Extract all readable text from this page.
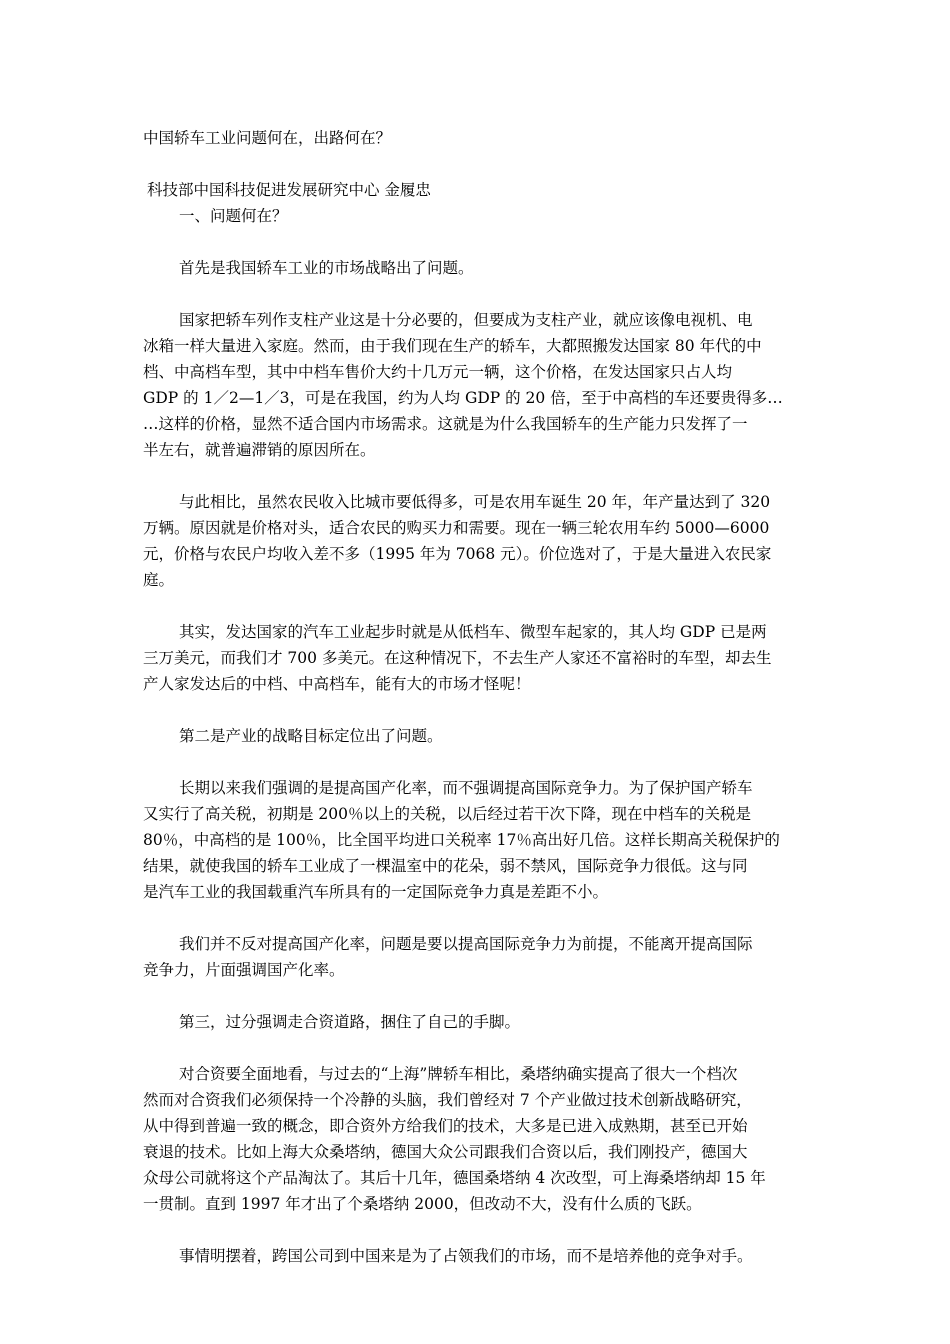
中国轿车工业问题何在，出路何在？
科技部中国科技促进发展研究中心 金履忠
一、问题何在？
首先是我国轿车工业的市场战略出了问题。
国家把轿车列作支柱产业这是十分必要的，但要成为支柱产业，就应该像电视机、电
冰箱一样大量进入家庭。然而，由于我们现在生产的轿车，大都照搬发达国家 80 年代的中
档、中高档车型，其中中档车售价大约十几万元一辆，这个价格，在发达国家只占人均
GDP 的 1／2—1／3，可是在我国，约为人均 GDP 的 20 倍，至于中高档的车还要贵得多…
…这样的价格，显然不适合国内市场需求。这就是为什么我国轿车的生产能力只发挥了一
半左右，就普遍滞销的原因所在。
与此相比，虽然农民收入比城市要低得多，可是农用车诞生 20 年，年产量达到了 320
万辆。原因就是价格对头，适合农民的购买力和需要。现在一辆三轮农用车约 5000—6000
元，价格与农民户均收入差不多（1995 年为 7068 元）。价位选对了，于是大量进入农民家
庭。
其实，发达国家的汽车工业起步时就是从低档车、微型车起家的，其人均 GDP 已是两
三万美元，而我们才 700 多美元。在这种情况下，不去生产人家还不富裕时的车型，却去生
产人家发达后的中档、中高档车，能有大的市场才怪呢！
第二是产业的战略目标定位出了问题。
长期以来我们强调的是提高国产化率，而不强调提高国际竞争力。为了保护国产轿车
又实行了高关税，初期是 200％以上的关税，以后经过若干次下降，现在中档车的关税是
80％，中高档的是 100％，比全国平均进口关税率 17％高出好几倍。这样长期高关税保护的
结果，就使我国的轿车工业成了一棵温室中的花朵，弱不禁风，国际竞争力很低。这与同
是汽车工业的我国载重汽车所具有的一定国际竞争力真是差距不小。
我们并不反对提高国产化率，问题是要以提高国际竞争力为前提，不能离开提高国际
竞争力，片面强调国产化率。
第三，过分强调走合资道路，捆住了自己的手脚。
对合资要全面地看，与过去的“上海”牌轿车相比，桑塔纳确实提高了很大一个档次
然而对合资我们必须保持一个冷静的头脑，我们曾经对 7 个产业做过技术创新战略研究，
从中得到普遍一致的概念，即合资外方给我们的技术，大多是已进入成熟期，甚至已开始
衰退的技术。比如上海大众桑塔纳，德国大众公司跟我们合资以后，我们刚投产，德国大
众母公司就将这个产品淘汰了。其后十几年，德国桑塔纳 4 次改型，可上海桑塔纳却 15 年
一贯制。直到 1997 年才出了个桑塔纳 2000，但改动不大，没有什么质的飞跃。
事情明摆着，跨国公司到中国来是为了占领我们的市场，而不是培养他的竞争对手。
